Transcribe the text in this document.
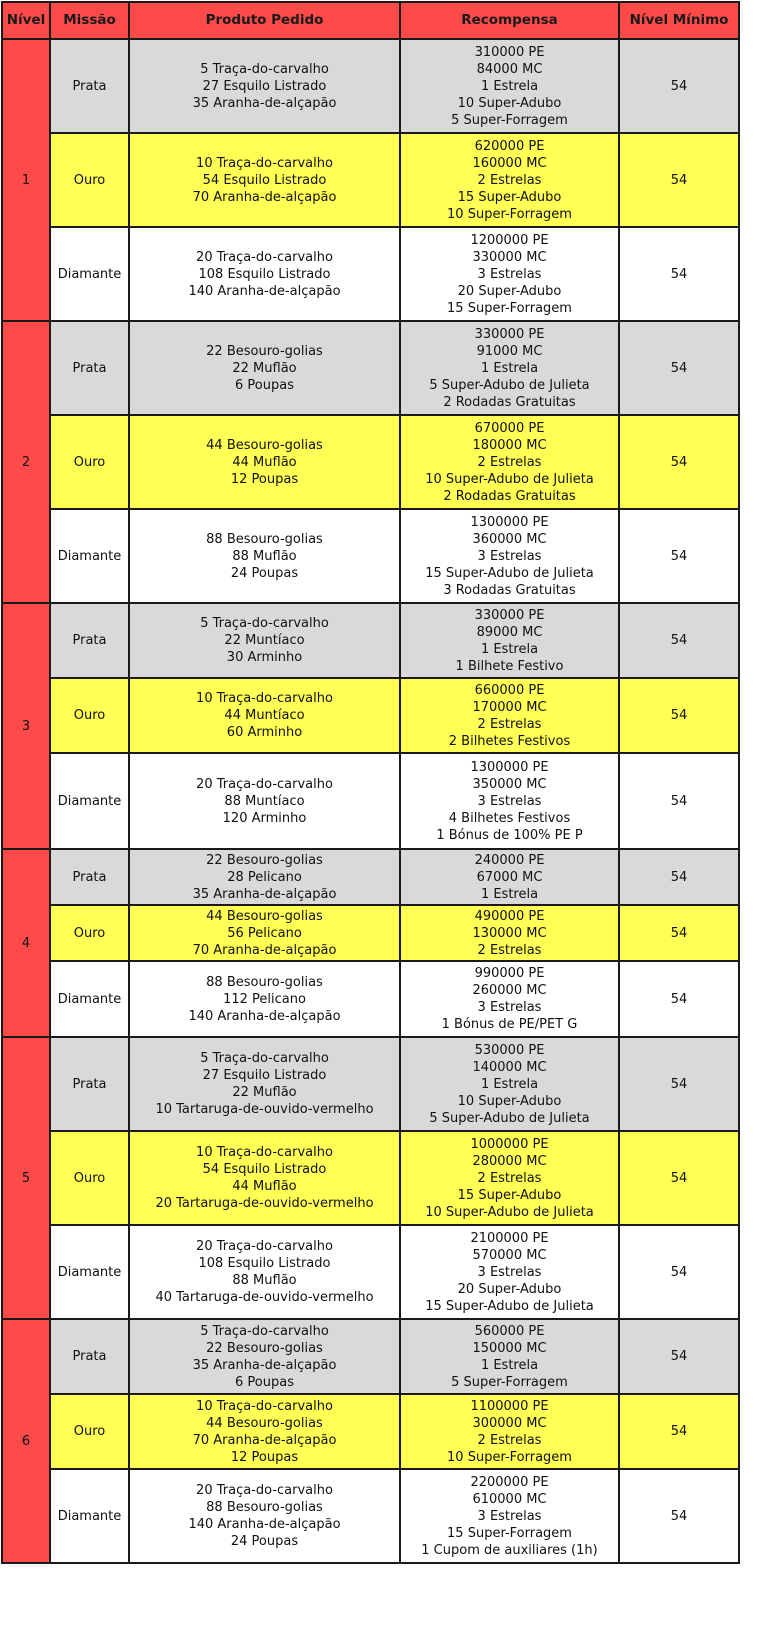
Nível	Missão	Produto Pedido	Recompensa	Nível Mínimo
1	Prata	5 Traça-do-carvalho
27 Esquilo Listrado
35 Aranha-de-alçapão	310000 PE
84000 MC
1 Estrela
10 Super-Adubo
5 Super-Forragem	54
	Ouro	10 Traça-do-carvalho
54 Esquilo Listrado
70 Aranha-de-alçapão	620000 PE
160000 MC
2 Estrelas
15 Super-Adubo
10 Super-Forragem	54
	Diamante	20 Traça-do-carvalho
108 Esquilo Listrado
140 Aranha-de-alçapão	1200000 PE
330000 MC
3 Estrelas
20 Super-Adubo
15 Super-Forragem	54
2	Prata	22 Besouro-golias
22 Muflão
6 Poupas	330000 PE
91000 MC
1 Estrela
5 Super-Adubo de Julieta
2 Rodadas Gratuitas	54
	Ouro	44 Besouro-golias
44 Muflão
12 Poupas	670000 PE
180000 MC
2 Estrelas
10 Super-Adubo de Julieta
2 Rodadas Gratuitas	54
	Diamante	88 Besouro-golias
88 Muflão
24 Poupas	1300000 PE
360000 MC
3 Estrelas
15 Super-Adubo de Julieta
3 Rodadas Gratuitas	54
3	Prata	5 Traça-do-carvalho
22 Muntíaco
30 Arminho	330000 PE
89000 MC
1 Estrela
1 Bilhete Festivo	54
	Ouro	10 Traça-do-carvalho
44 Muntíaco
60 Arminho	660000 PE
170000 MC
2 Estrelas
2 Bilhetes Festivos	54
	Diamante	20 Traça-do-carvalho
88 Muntíaco
120 Arminho	1300000 PE
350000 MC
3 Estrelas
4 Bilhetes Festivos
1 Bónus de 100% PE P	54
4	Prata	22 Besouro-golias
28 Pelicano
35 Aranha-de-alçapão	240000 PE
67000 MC
1 Estrela	54
	Ouro	44 Besouro-golias
56 Pelicano
70 Aranha-de-alçapão	490000 PE
130000 MC
2 Estrelas	54
	Diamante	88 Besouro-golias
112 Pelicano
140 Aranha-de-alçapão	990000 PE
260000 MC
3 Estrelas
1 Bónus de PE/PET G	54
5	Prata	5 Traça-do-carvalho
27 Esquilo Listrado
22 Muflão
10 Tartaruga-de-ouvido-vermelho	530000 PE
140000 MC
1 Estrela
10 Super-Adubo
5 Super-Adubo de Julieta	54
	Ouro	10 Traça-do-carvalho
54 Esquilo Listrado
44 Muflão
20 Tartaruga-de-ouvido-vermelho	1000000 PE
280000 MC
2 Estrelas
15 Super-Adubo
10 Super-Adubo de Julieta	54
	Diamante	20 Traça-do-carvalho
108 Esquilo Listrado
88 Muflão
40 Tartaruga-de-ouvido-vermelho	2100000 PE
570000 MC
3 Estrelas
20 Super-Adubo
15 Super-Adubo de Julieta	54
6	Prata	5 Traça-do-carvalho
22 Besouro-golias
35 Aranha-de-alçapão
6 Poupas	560000 PE
150000 MC
1 Estrela
5 Super-Forragem	54
	Ouro	10 Traça-do-carvalho
44 Besouro-golias
70 Aranha-de-alçapão
12 Poupas	1100000 PE
300000 MC
2 Estrelas
10 Super-Forragem	54
	Diamante	20 Traça-do-carvalho
88 Besouro-golias
140 Aranha-de-alçapão
24 Poupas	2200000 PE
610000 MC
3 Estrelas
15 Super-Forragem
1 Cupom de auxiliares (1h)	54
